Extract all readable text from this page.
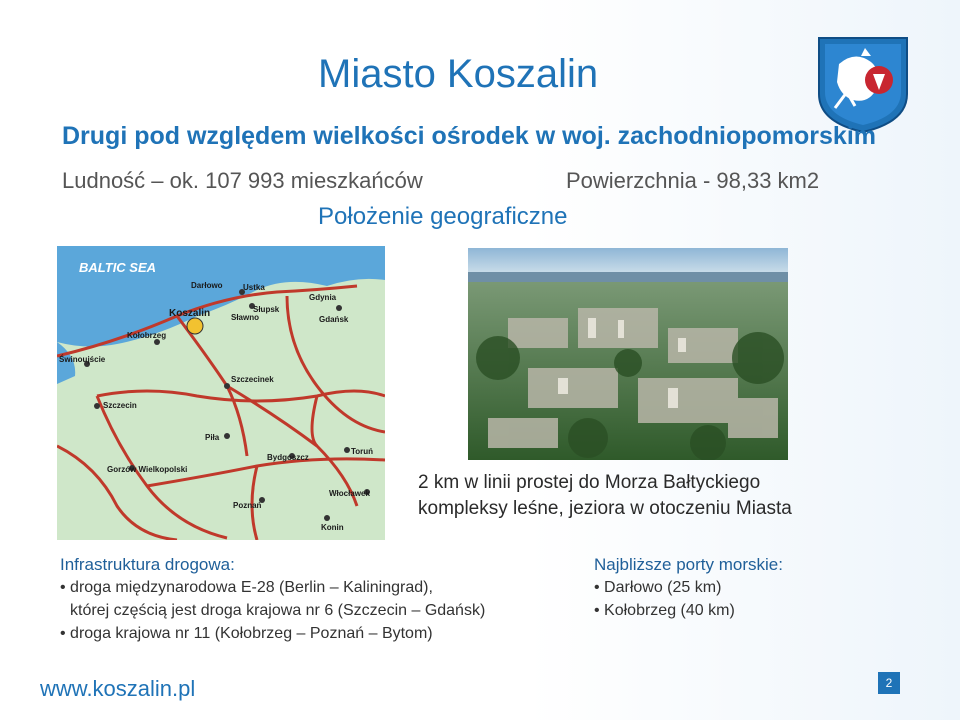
Miasto Koszalin
Drugi pod względem wielkości ośrodek w woj. zachodniopomorskim
Ludność – ok. 107 993 mieszkańców	Powierzchnia - 98,33 km2
Położenie geograficzne
BALTIC SEA
Darłowo	Ustka
Gdynia
Koszalin	Słupsk
Sławno	Gdańsk
Kołobrzeg
Świnoujście
Szczecinek
Szczecin
Piła
Toruń
Bydgoszcz
Gorzów Wielkopolski
Włocławek
Poznań
Konin
2 km w linii prostej do Morza Bałtyckiego
kompleksy leśne, jeziora w otoczeniu Miasta
Infrastruktura drogowa:
• droga międzynarodowa E-28 (Berlin – Kaliningrad),
której częścią jest droga krajowa nr 6 (Szczecin – Gdańsk)
• droga krajowa nr 11 (Kołobrzeg – Poznań – Bytom)
Najbliższe porty morskie:
• Darłowo (25 km)
• Kołobrzeg (40 km)
www.koszalin.pl	2
